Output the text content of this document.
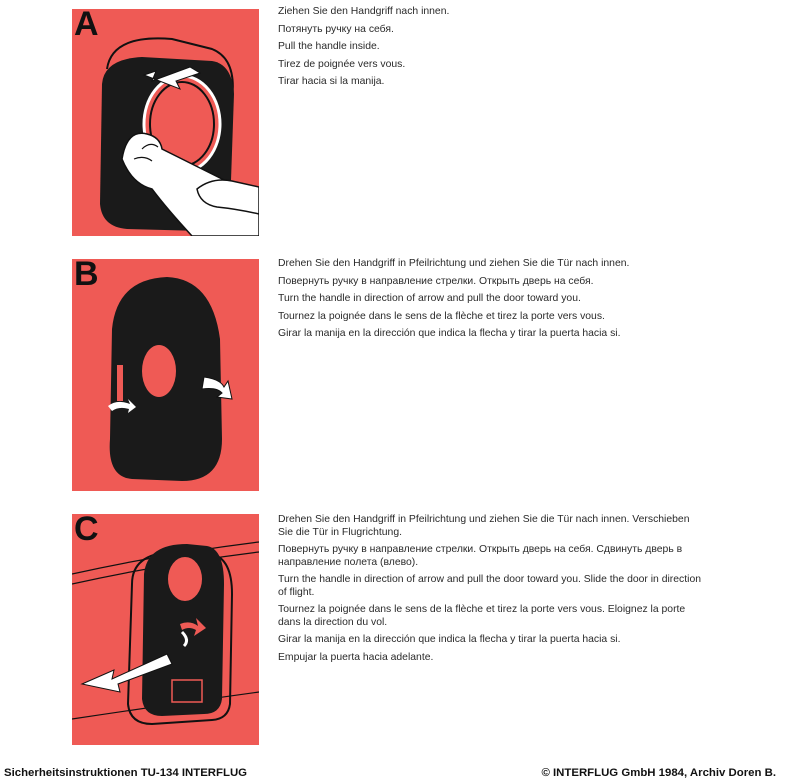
A	Ziehen Sie den Handgriff nach innen.
Потянуть ручку на себя.
Pull the handle inside.
Tirez de poignée vers vous.
Tirar hacia si la manija.
B	Drehen Sie den Handgriff in Pfeilrichtung und ziehen Sie die Tür nach innen.
Повернуть ручку в направление стрелки. Открыть дверь на себя.
Turn the handle in direction of arrow and pull the door toward you.
Tournez la poignée dans le sens de la flèche et tirez la porte vers vous.
Girar la manija en la dirección que indica la flecha y tirar la puerta hacia si.
C	Drehen Sie den Handgriff in Pfeilrichtung und ziehen Sie die Tür nach innen. Verschieben Sie die Tür in Flugrichtung.
Повернуть ручку в направление стрелки. Открыть дверь на себя. Сдвинуть дверь в направление полета (влево).
Turn the handle in direction of arrow and pull the door toward you. Slide the door in direction of flight.
Tournez la poignée dans le sens de la flèche et tirez la porte vers vous. Eloignez la porte dans la direction du vol.
Girar la manija en la dirección que indica la flecha y tirar la puerta hacia si.
Empujar la puerta hacia adelante.
Sicherheitsinstruktionen TU-134 INTERFLUG	© INTERFLUG GmbH 1984, Archiv Doren B.
